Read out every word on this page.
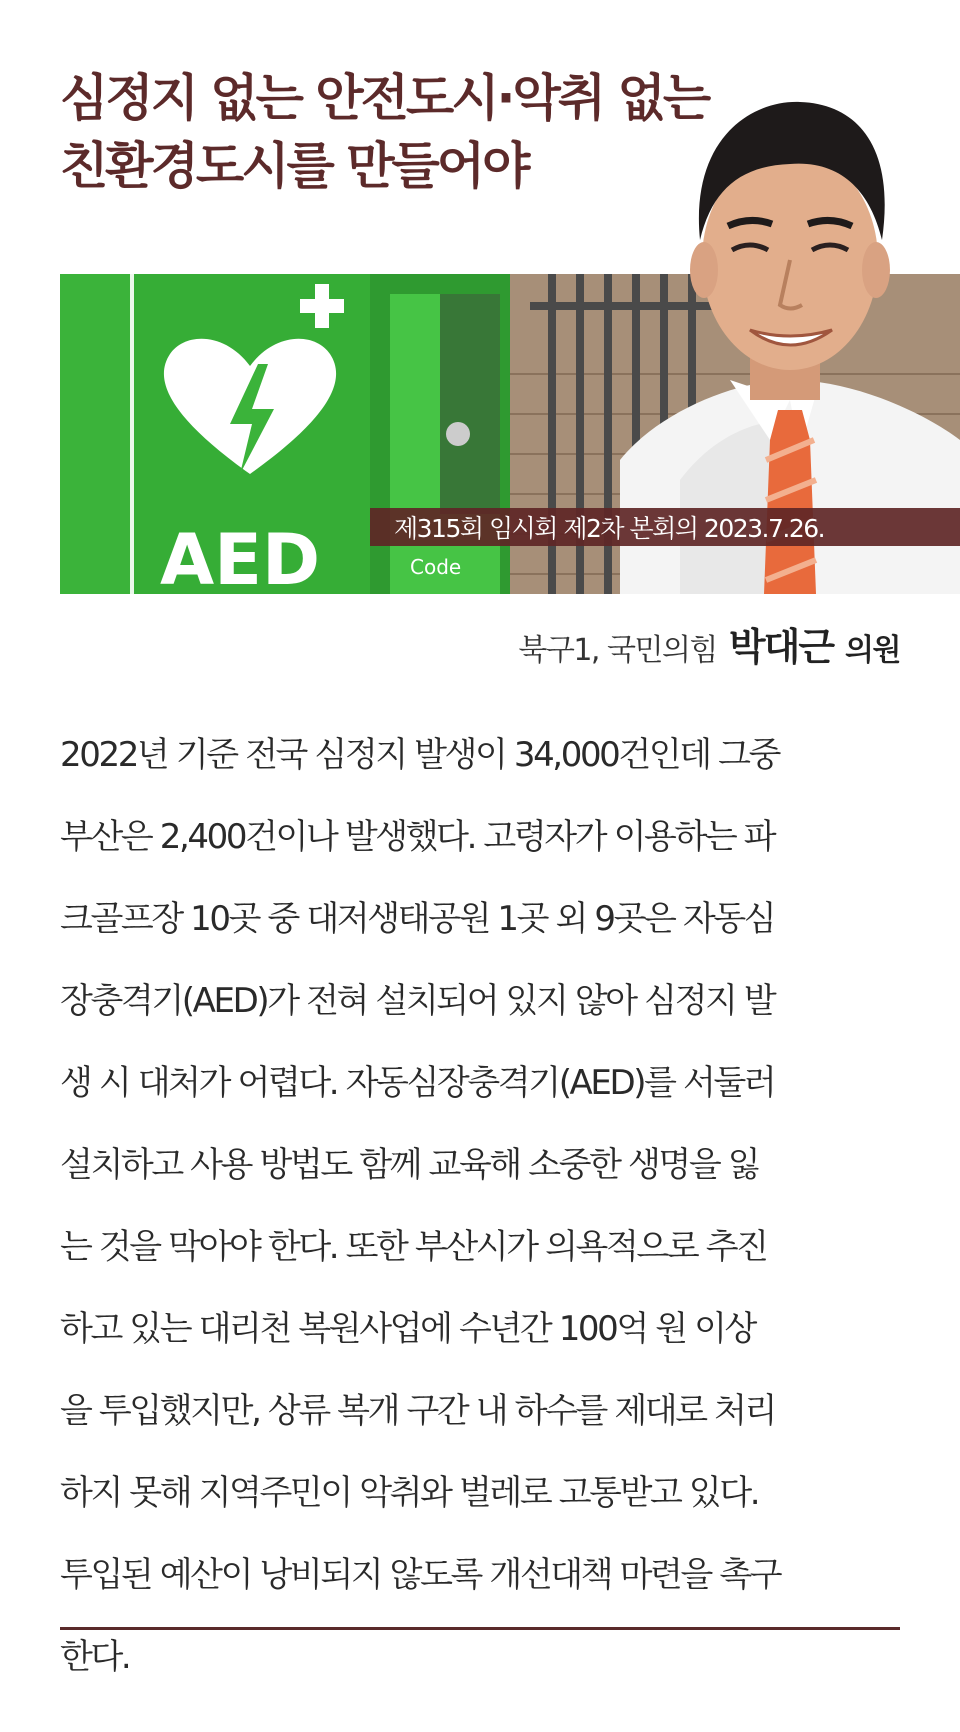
심정지 없는 안전도시·악취 없는
친환경도시를 만들어야
AED	Code
제315회 임시회 제2차 본회의 2023.7.26.
북구1, 국민의힘 박대근 의원
2022년 기준 전국 심정지 발생이 34,000건인데 그중
부산은 2,400건이나 발생했다. 고령자가 이용하는 파
크골프장 10곳 중 대저생태공원 1곳 외 9곳은 자동심
장충격기(AED)가 전혀 설치되어 있지 않아 심정지 발
생 시 대처가 어렵다. 자동심장충격기(AED)를 서둘러
설치하고 사용 방법도 함께 교육해 소중한 생명을 잃
는 것을 막아야 한다. 또한 부산시가 의욕적으로 추진
하고 있는 대리천 복원사업에 수년간 100억 원 이상
을 투입했지만, 상류 복개 구간 내 하수를 제대로 처리
하지 못해 지역주민이 악취와 벌레로 고통받고 있다.
투입된 예산이 낭비되지 않도록 개선대책 마련을 촉구
한다.
